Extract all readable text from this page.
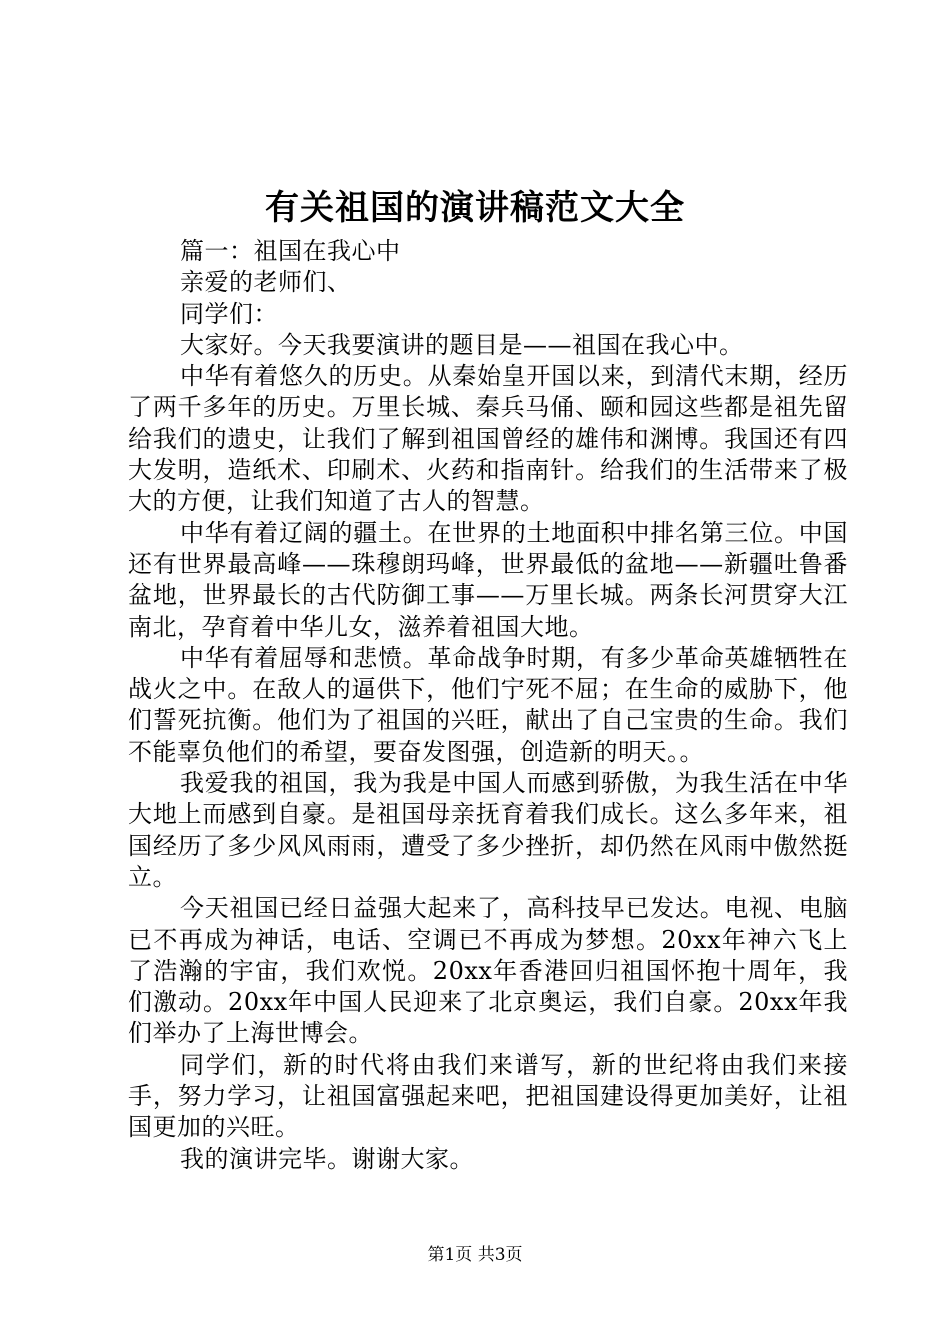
有关祖国的演讲稿范文大全

篇一：祖国在我心中

亲爱的老师们、

同学们：

大家好。今天我要演讲的题目是——祖国在我心中。

中华有着悠久的历史。从秦始皇开国以来，到清代末期，经历了两千多年的历史。万里长城、秦兵马俑、颐和园这些都是祖先留给我们的遗史，让我们了解到祖国曾经的雄伟和渊博。我国还有四大发明，造纸术、印刷术、火药和指南针。给我们的生活带来了极大的方便，让我们知道了古人的智慧。

中华有着辽阔的疆土。在世界的土地面积中排名第三位。中国还有世界最高峰——珠穆朗玛峰，世界最低的盆地——新疆吐鲁番盆地，世界最长的古代防御工事——万里长城。两条长河贯穿大江南北，孕育着中华儿女，滋养着祖国大地。

中华有着屈辱和悲愤。革命战争时期，有多少革命英雄牺牲在战火之中。在敌人的逼供下，他们宁死不屈；在生命的威胁下，他们誓死抗衡。他们为了祖国的兴旺，献出了自己宝贵的生命。我们不能辜负他们的希望，要奋发图强，创造新的明天。。

我爱我的祖国，我为我是中国人而感到骄傲，为我生活在中华大地上而感到自豪。是祖国母亲抚育着我们成长。这么多年来，祖国经历了多少风风雨雨，遭受了多少挫折，却仍然在风雨中傲然挺立。

今天祖国已经日益强大起来了，高科技早已发达。电视、电脑已不再成为神话，电话、空调已不再成为梦想。20xx年神六飞上了浩瀚的宇宙，我们欢悦。20xx年香港回归祖国怀抱十周年，我们激动。20xx年中国人民迎来了北京奥运，我们自豪。20xx年我们举办了上海世博会。

同学们，新的时代将由我们来谱写，新的世纪将由我们来接手，努力学习，让祖国富强起来吧，把祖国建设得更加美好，让祖国更加的兴旺。

我的演讲完毕。谢谢大家。

第1页 共3页
